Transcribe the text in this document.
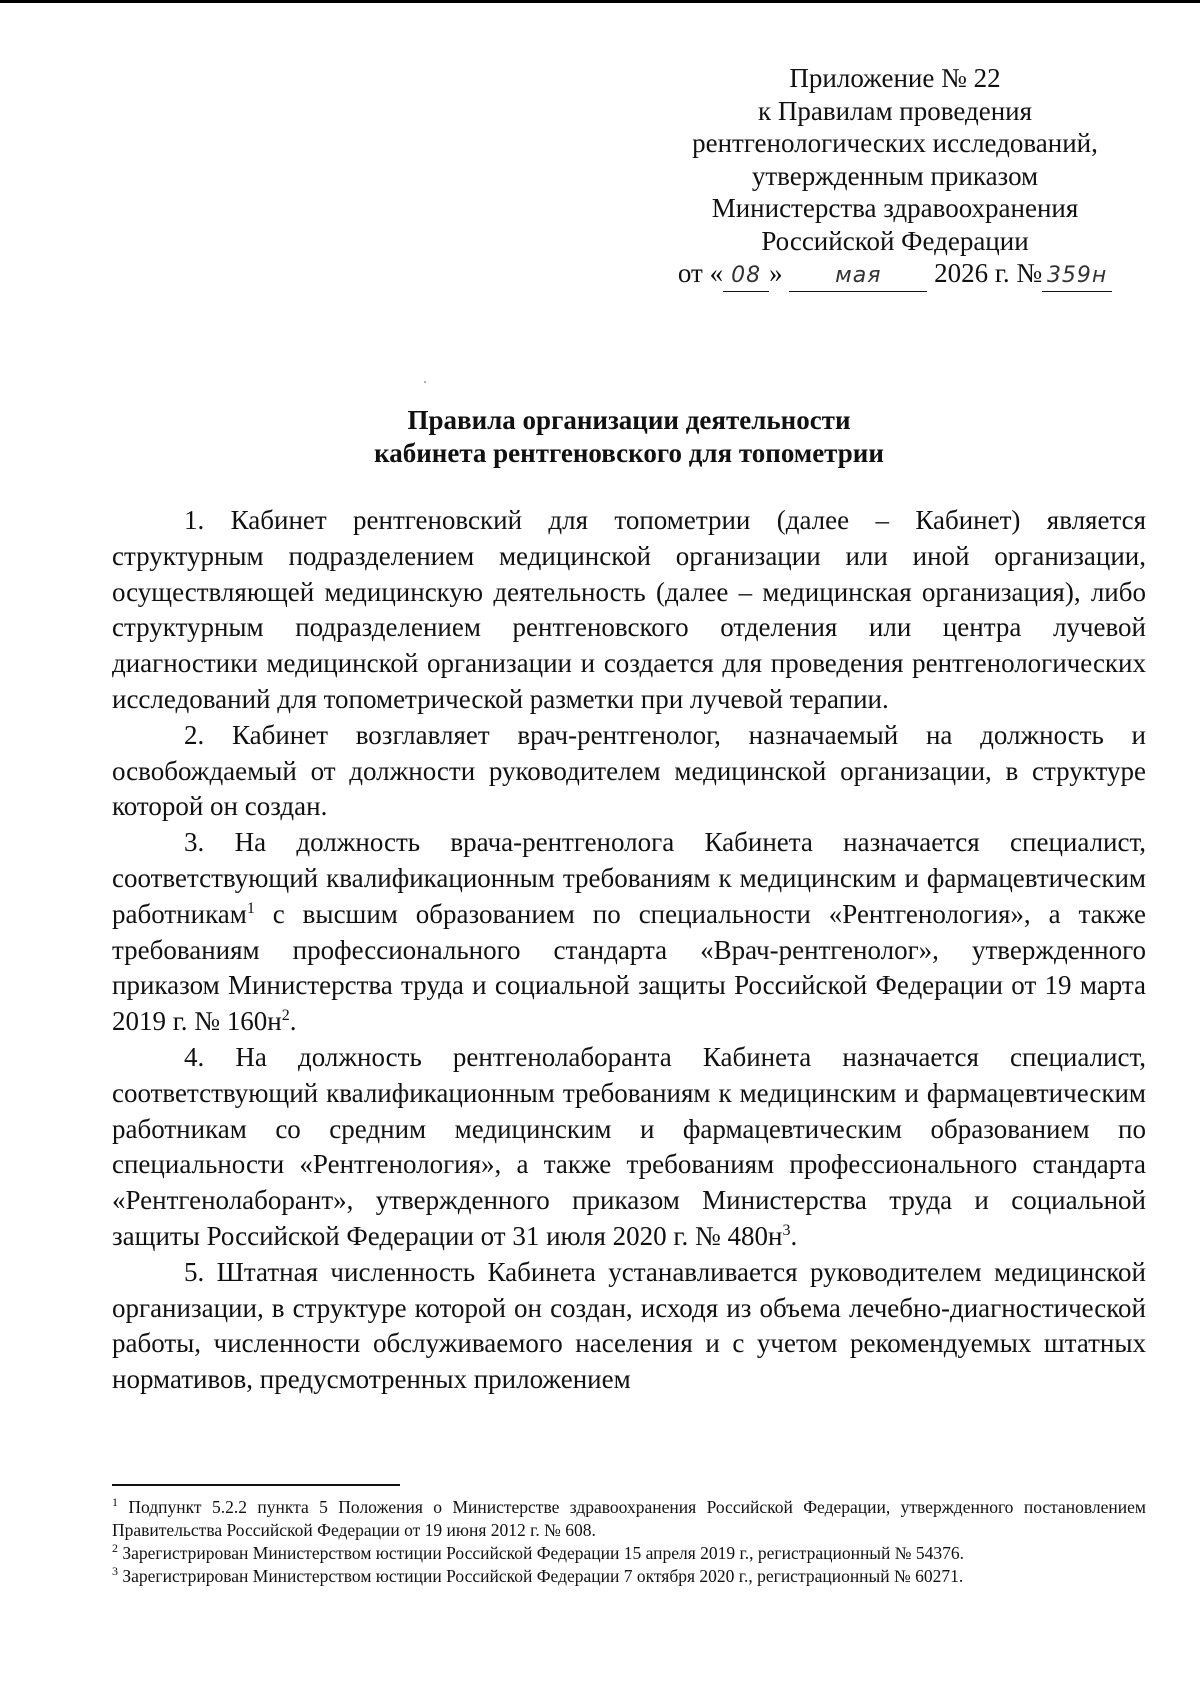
Приложение № 22
к Правилам проведения
рентгенологических исследований,
утвержденным приказом
Министерства здравоохранения
Российской Федерации
от « 08 » мая 2026 г. № 359н
Правила организации деятельности
кабинета рентгеновского для топометрии

1. Кабинет рентгеновский для топометрии (далее – Кабинет) является структурным подразделением медицинской организации или иной организации, осуществляющей медицинскую деятельность (далее – медицинская организация), либо структурным подразделением рентгеновского отделения или центра лучевой диагностики медицинской организации и создается для проведения рентгенологических исследований для топометрической разметки при лучевой терапии.

2. Кабинет возглавляет врач-рентгенолог, назначаемый на должность и освобождаемый от должности руководителем медицинской организации, в структуре которой он создан.

3. На должность врача-рентгенолога Кабинета назначается специалист, соответствующий квалификационным требованиям к медицинским и фармацевтическим работникам$^1$ с высшим образованием по специальности «Рентгенология», а также требованиям профессионального стандарта «Врач-рентгенолог», утвержденного приказом Министерства труда и социальной защиты Российской Федерации от 19 марта 2019 г. № $160н^2$.

4. На должность рентгенолаборанта Кабинета назначается специалист, соответствующий квалификационным требованиям к медицинским и фармацевтическим работникам со средним медицинским и фармацевтическим образованием по специальности «Рентгенология», а также требованиям профессионального стандарта «Рентгенолаборант», утвержденного приказом Министерства труда и социальной защиты Российской Федерации от 31 июля 2020 г. № $480н^3$.

5. Штатная численность Кабинета устанавливается руководителем медицинской организации, в структуре которой он создан, исходя из объема лечебно-диагностической работы, численности обслуживаемого населения и с учетом рекомендуемых штатных нормативов, предусмотренных приложением

$^1$ Подпункт 5.2.2 пункта 5 Положения о Министерстве здравоохранения Российской Федерации, утвержденного постановлением Правительства Российской Федерации от 19 июня 2012 г. № 608.

$^2$ Зарегистрирован Министерством юстиции Российской Федерации 15 апреля 2019 г., регистрационный № 54376.

$^3$ Зарегистрирован Министерством юстиции Российской Федерации 7 октября 2020 г., регистрационный № 60271.
